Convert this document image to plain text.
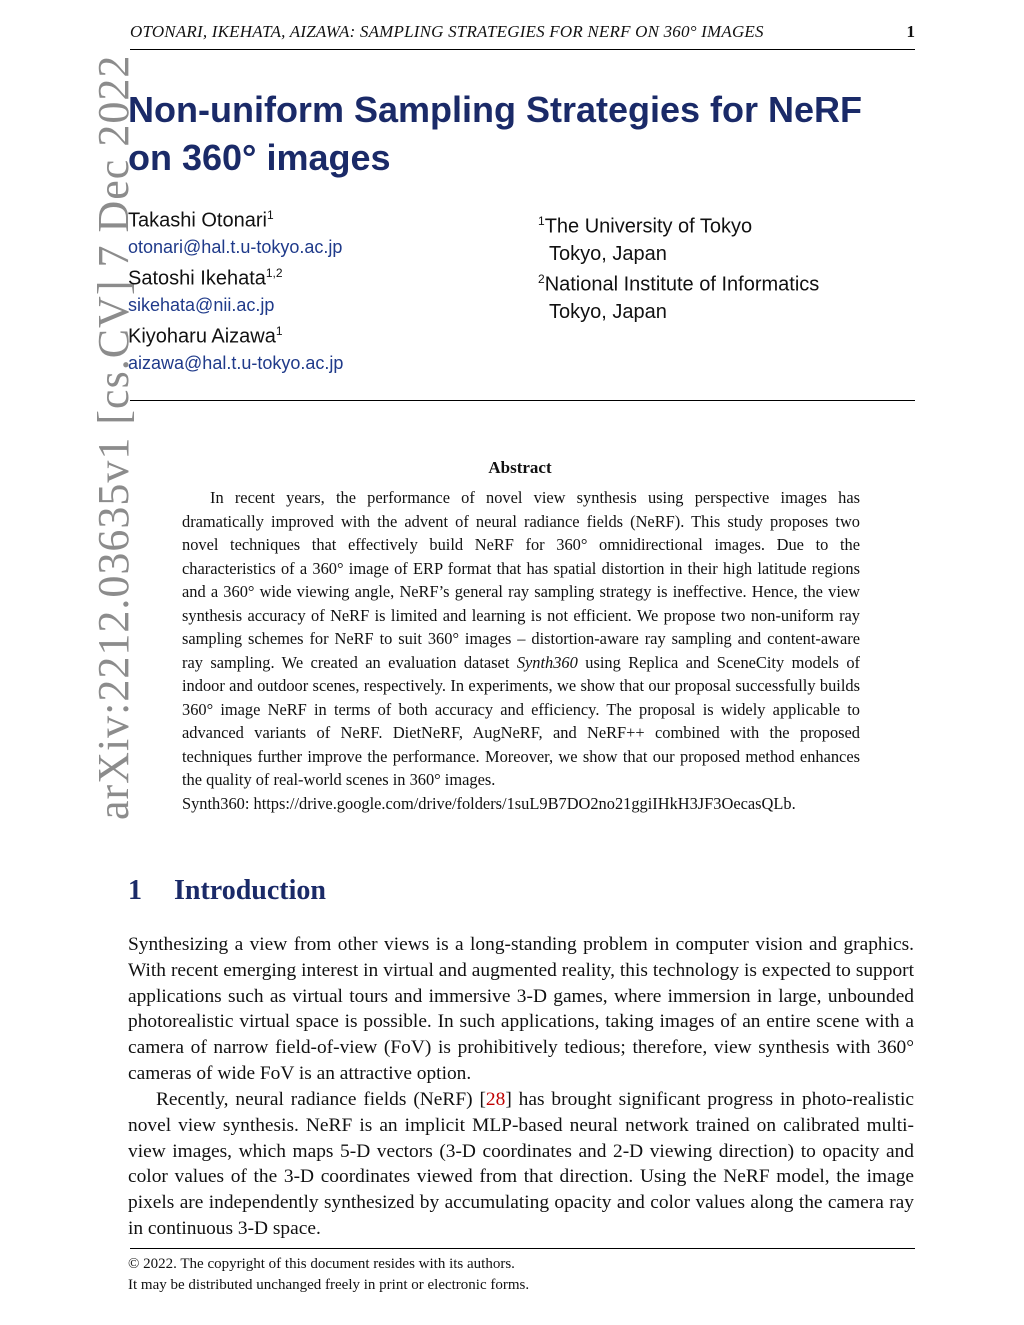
OTONARI, IKEHATA, AIZAWA: SAMPLING STRATEGIES FOR NERF ON 360° IMAGES	1
arXiv:2212.03635v1 [cs.CV] 7 Dec 2022
Non-uniform Sampling Strategies for NeRF
on 360° images
Takashi Otonari$^1$
otonari@hal.t.u-tokyo.ac.jp
Satoshi Ikehata$^{1,2}$
sikehata@nii.ac.jp
Kiyoharu Aizawa$^1$
aizawa@hal.t.u-tokyo.ac.jp
$^1$The University of Tokyo
Tokyo, Japan
$^2$National Institute of Informatics
Tokyo, Japan
Abstract
In recent years, the performance of novel view synthesis using perspective images has dramatically improved with the advent of neural radiance fields (NeRF). This study proposes two novel techniques that effectively build NeRF for 360° omnidirectional images. Due to the characteristics of a 360° image of ERP format that has spatial distortion in their high latitude regions and a 360° wide viewing angle, NeRF’s general ray sampling strategy is ineffective. Hence, the view synthesis accuracy of NeRF is limited and learning is not efficient. We propose two non-uniform ray sampling schemes for NeRF to suit 360° images – distortion-aware ray sampling and content-aware ray sampling. We created an evaluation dataset Synth360 using Replica and SceneCity models of indoor and outdoor scenes, respectively. In experiments, we show that our proposal successfully builds 360° image NeRF in terms of both accuracy and efficiency. The proposal is widely applicable to advanced variants of NeRF. DietNeRF, AugNeRF, and NeRF++ combined with the proposed techniques further improve the performance. Moreover, we show that our proposed method enhances the quality of real-world scenes in 360° images.
Synth360: https://drive.google.com/drive/folders/1suL9B7DO2no21ggiIHkH3JF3OecasQLb.
1 Introduction
Synthesizing a view from other views is a long-standing problem in computer vision and graphics. With recent emerging interest in virtual and augmented reality, this technology is expected to support applications such as virtual tours and immersive 3-D games, where immersion in large, unbounded photorealistic virtual space is possible. In such applications, taking images of an entire scene with a camera of narrow field-of-view (FoV) is prohibitively tedious; therefore, view synthesis with 360° cameras of wide FoV is an attractive option.
Recently, neural radiance fields (NeRF) [28] has brought significant progress in photo-realistic novel view synthesis. NeRF is an implicit MLP-based neural network trained on calibrated multi-view images, which maps 5-D vectors (3-D coordinates and 2-D viewing direction) to opacity and color values of the 3-D coordinates viewed from that direction. Using the NeRF model, the image pixels are independently synthesized by accumulating opacity and color values along the camera ray in continuous 3-D space.
© 2022. The copyright of this document resides with its authors.
It may be distributed unchanged freely in print or electronic forms.
